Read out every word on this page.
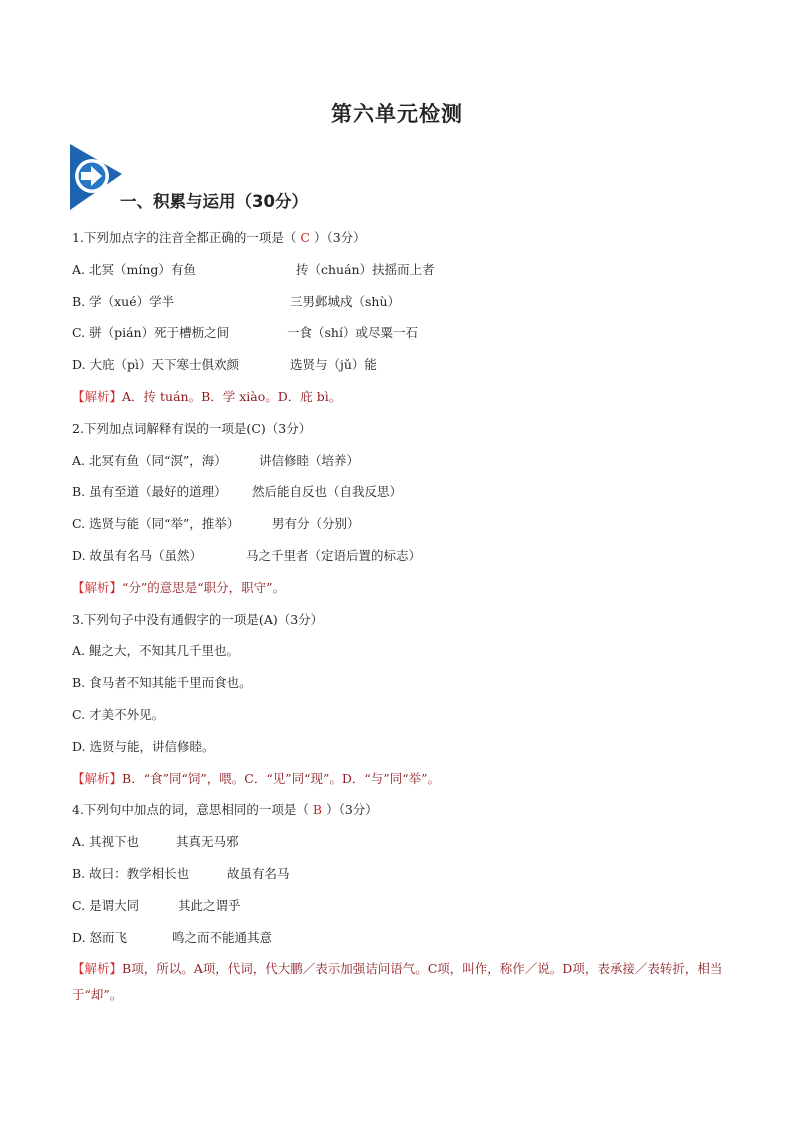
第六单元检测
一、积累与运用（30分）
1.下列加点字的注音全都正确的一项是（ C ）（3分）
A. 北冥（míng）有鱼	抟（chuán）扶摇而上者
B. 学（xué）学半	三男邺城戍（shù）
C. 骈（pián）死于槽枥之间	一食（shí）或尽粟一石
D. 大庇（pì）天下寒士俱欢颜	选贤与（jǔ）能
【解析】A．抟 tuán。B．学 xiào。D．庇 bì。
2.下列加点词解释有误的一项是(C)（3分）
A. 北冥有鱼（同“溟”，海）	讲信修睦（培养）
B. 虽有至道（最好的道理） 然后能自反也（自我反思）
C. 选贤与能（同“举”，推举）	男有分（分别）
D. 故虽有名马（虽然）	马之千里者（定语后置的标志）
【解析】“分”的意思是“职分，职守”。
3.下列句子中没有通假字的一项是(A)（3分）
A. 鲲之大，不知其几千里也。
B. 食马者不知其能千里而食也。
C. 才美不外见。
D. 选贤与能，讲信修睦。
【解析】B．“食”同“饲”，喂。C．“见”同“现”。D．“与”同“举”。
4.下列句中加点的词，意思相同的一项是（ B ）（3分）
A. 其视下也	其真无马邪
B. 故曰：教学相长也	故虽有名马
C. 是谓大同	其此之谓乎
D. 怒而飞	鸣之而不能通其意
【解析】B项，所以。A项，代词，代大鹏／表示加强诘问语气。C项，叫作，称作／说。D项，表承接／表转折，相当于“却”。
